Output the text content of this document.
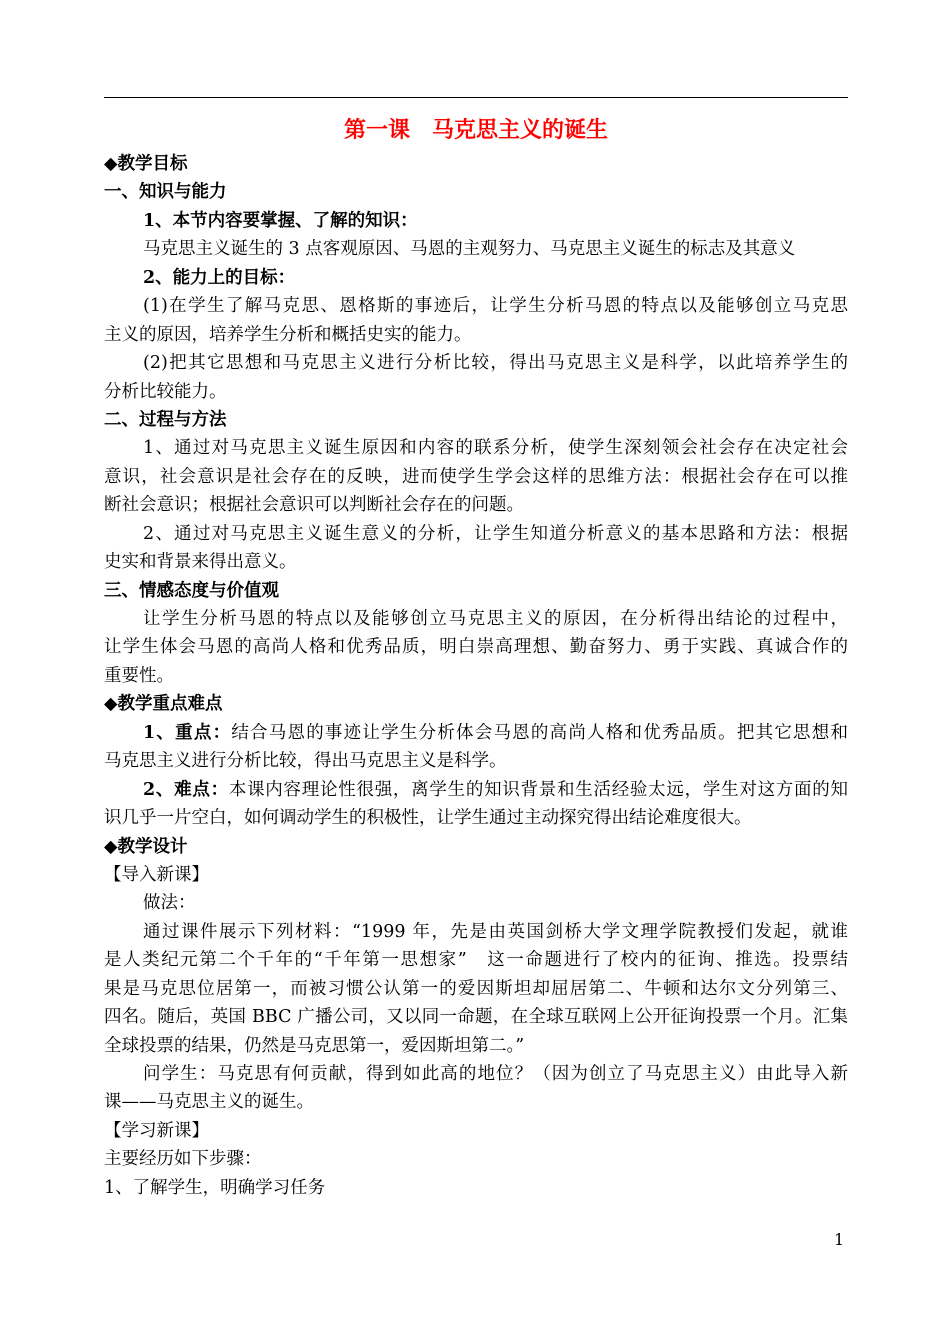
第一课　马克思主义的诞生
◆教学目标
一、知识与能力
1、本节内容要掌握、了解的知识：
马克思主义诞生的 3 点客观原因、马恩的主观努力、马克思主义诞生的标志及其意义
2、能力上的目标：
(1)在学生了解马克思、恩格斯的事迹后，让学生分析马恩的特点以及能够创立马克思
主义的原因，培养学生分析和概括史实的能力。
(2)把其它思想和马克思主义进行分析比较，得出马克思主义是科学，以此培养学生的
分析比较能力。
二、过程与方法
1、通过对马克思主义诞生原因和内容的联系分析，使学生深刻领会社会存在决定社会
意识，社会意识是社会存在的反映，进而使学生学会这样的思维方法：根据社会存在可以推
断社会意识；根据社会意识可以判断社会存在的问题。
2、通过对马克思主义诞生意义的分析，让学生知道分析意义的基本思路和方法：根据
史实和背景来得出意义。
三、情感态度与价值观
让学生分析马恩的特点以及能够创立马克思主义的原因，在分析得出结论的过程中，
让学生体会马恩的高尚人格和优秀品质，明白崇高理想、勤奋努力、勇于实践、真诚合作的
重要性。
◆教学重点难点
1、重点：结合马恩的事迹让学生分析体会马恩的高尚人格和优秀品质。把其它思想和
马克思主义进行分析比较，得出马克思主义是科学。
2、难点：本课内容理论性很强，离学生的知识背景和生活经验太远，学生对这方面的知
识几乎一片空白，如何调动学生的积极性，让学生通过主动探究得出结论难度很大。
◆教学设计
【导入新课】
做法：
通过课件展示下列材料：“1999 年，先是由英国剑桥大学文理学院教授们发起，就谁
是人类纪元第二个千年的“千年第一思想家”　这一命题进行了校内的征询、推选。投票结
果是马克思位居第一，而被习惯公认第一的爱因斯坦却屈居第二、牛顿和达尔文分列第三、
四名。随后，英国 BBC 广播公司，又以同一命题，在全球互联网上公开征询投票一个月。汇集
全球投票的结果，仍然是马克思第一，爱因斯坦第二。”
问学生：马克思有何贡献，得到如此高的地位？（因为创立了马克思主义）由此导入新
课——马克思主义的诞生。
【学习新课】
主要经历如下步骤：
1、了解学生，明确学习任务
1
